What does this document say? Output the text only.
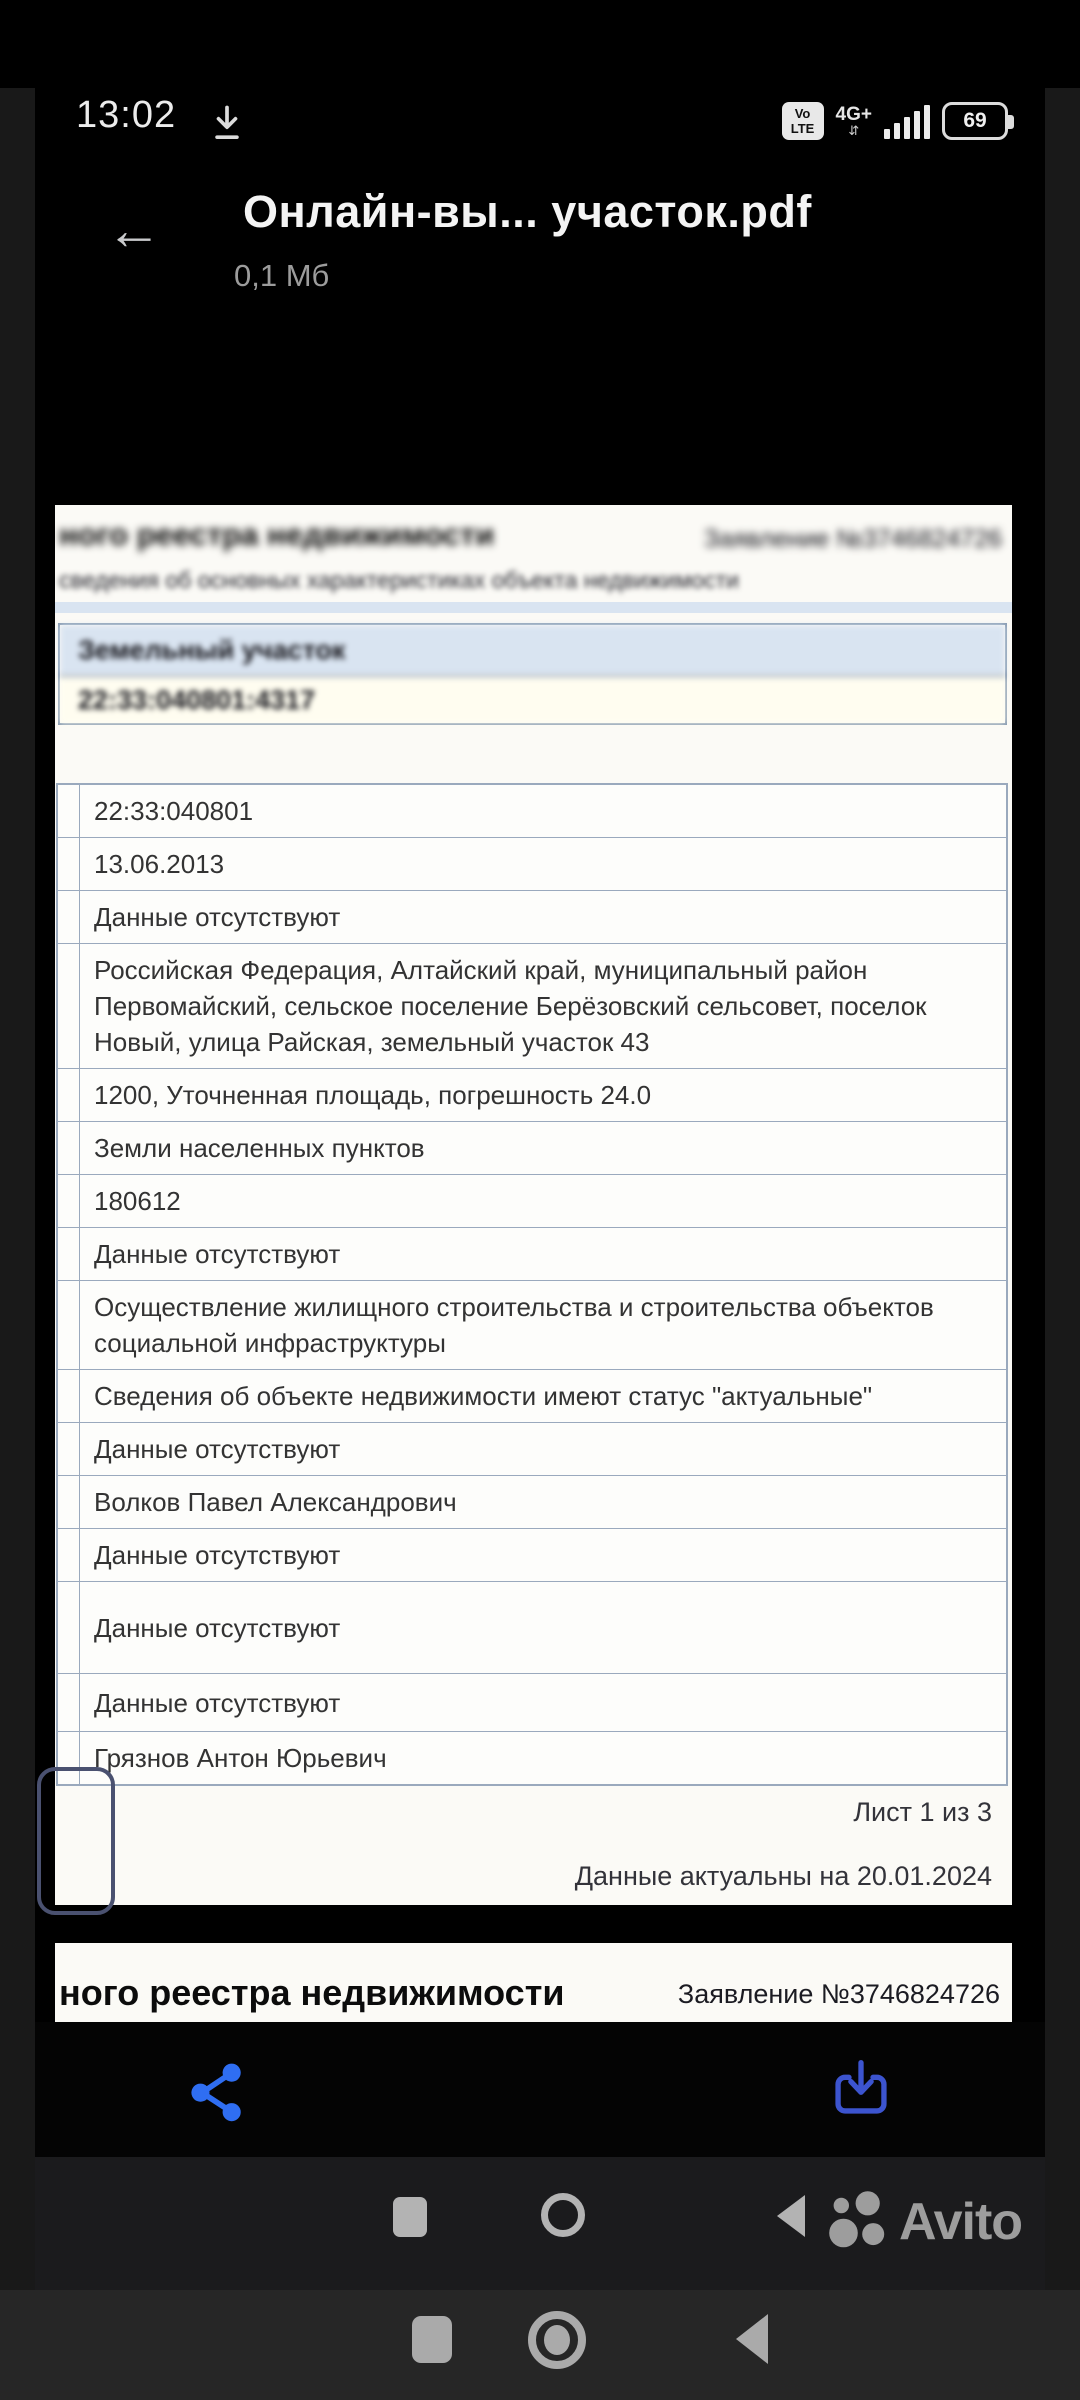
13:02	Vo
LTE
4G+
⇵	69
← Онлайн-вы... участок.pdf
0,1 Мб
ного реестра недвижимости	Заявление №3746824726
сведения об основных характеристиках объекта недвижимости
Земельный участок
22:33:040801:4317
22:33:040801
13.06.2013
Данные отсутствуют
Российская Федерация, Алтайский край, муниципальный район Первомайский, сельское поселение Берёзовский сельсовет, поселок Новый, улица Райская, земельный участок 43
1200, Уточненная площадь, погрешность 24.0
Земли населенных пунктов
180612
Данные отсутствуют
Осуществление жилищного строительства и строительства объектов социальной инфраструктуры
Сведения об объекте недвижимости имеют статус "актуальные"
Данные отсутствуют
Волков Павел Александрович
Данные отсутствуют
Данные отсутствуют
Данные отсутствуют
Грязнов Антон Юрьевич
Лист 1 из 3
Данные актуальны на 20.01.2024
ного реестра недвижимости	Заявление №3746824726
Avito
